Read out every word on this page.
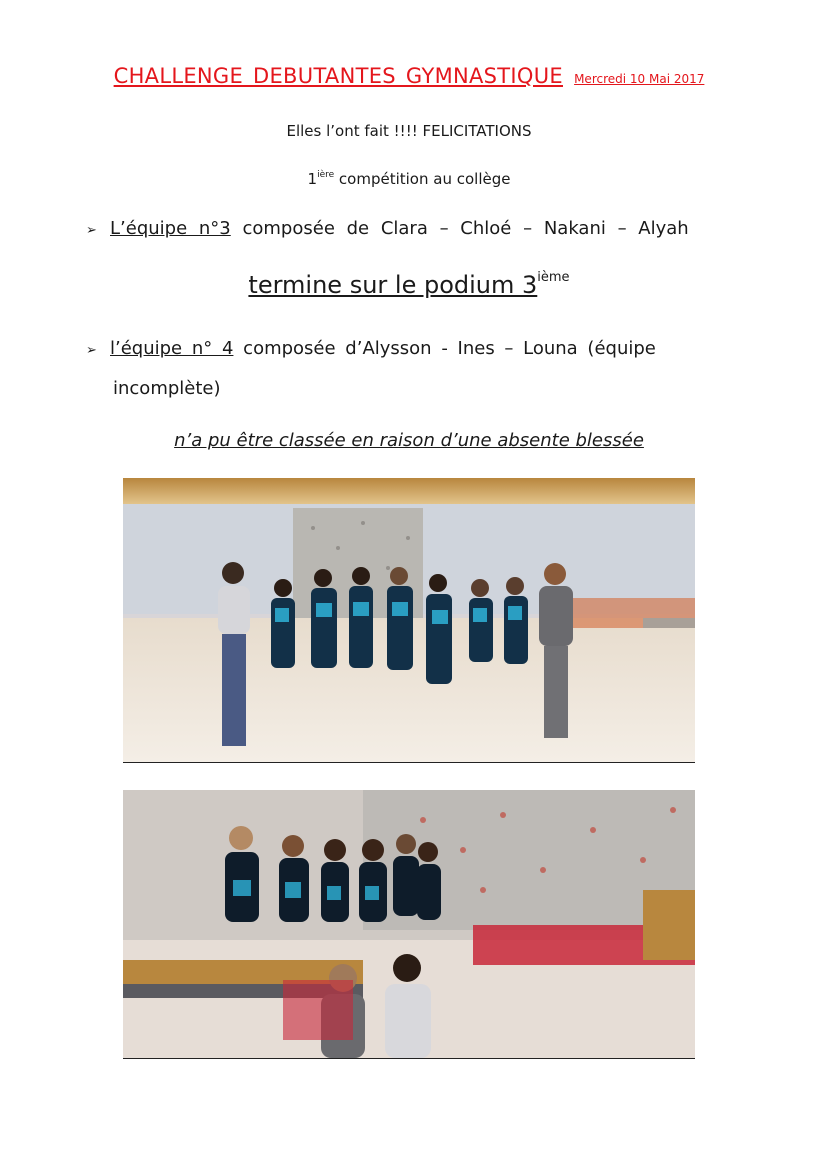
CHALLENGE DEBUTANTES GYMNASTIQUE Mercredi 10 Mai 2017
Elles l’ont fait !!!! FELICITATIONS
$1^{ière}$ compétition au collège
➢ L’équipe n°3 composée de Clara – Chloé – Nakani – Alyah
termine sur le podium 3ième
➢ l’équipe n° 4 composée d’Alysson - Ines – Louna (équipe
incomplète)
n’a pu être classée en raison d’une absente blessée
